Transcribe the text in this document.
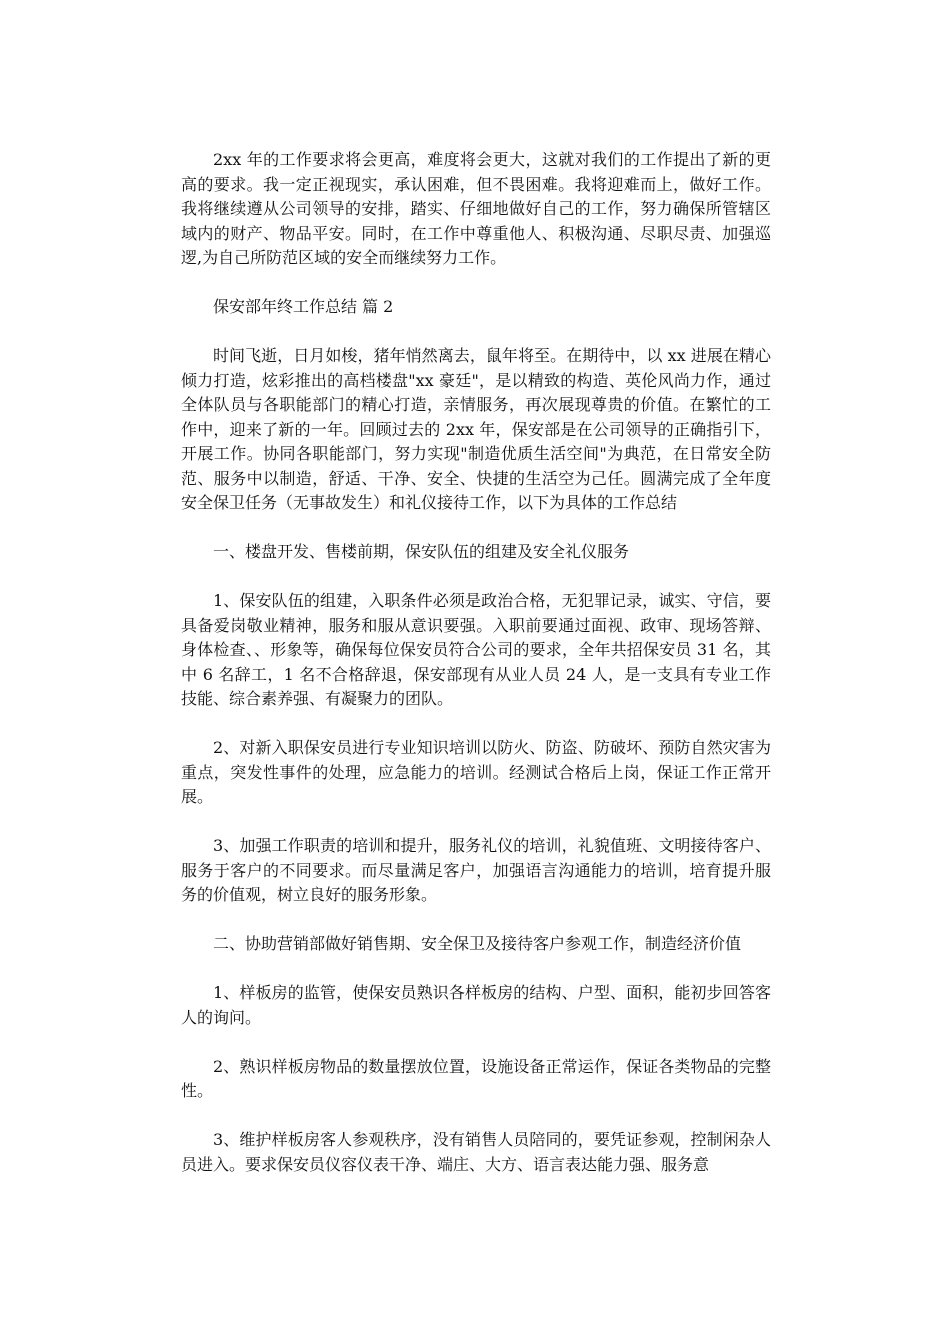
2xx 年的工作要求将会更高，难度将会更大，这就对我们的工作提出了新的更高的要求。我一定正视现实，承认困难，但不畏困难。我将迎难而上，做好工作。我将继续遵从公司领导的安排，踏实、仔细地做好自己的工作，努力确保所管辖区域内的财产、物品平安。同时，在工作中尊重他人、积极沟通、尽职尽责、加强巡逻,为自己所防范区域的安全而继续努力工作。

保安部年终工作总结 篇 2

时间飞逝，日月如梭，猪年悄然离去，鼠年将至。在期待中，以 xx 进展在精心倾力打造，炫彩推出的高档楼盘"xx 豪廷"，是以精致的构造、英伦风尚力作，通过全体队员与各职能部门的精心打造，亲情服务，再次展现尊贵的价值。在繁忙的工作中，迎来了新的一年。回顾过去的 2xx 年，保安部是在公司领导的正确指引下，开展工作。协同各职能部门，努力实现"制造优质生活空间"为典范，在日常安全防范、服务中以制造，舒适、干净、安全、快捷的生活空为己任。圆满完成了全年度安全保卫任务（无事故发生）和礼仪接待工作，以下为具体的工作总结

一、楼盘开发、售楼前期，保安队伍的组建及安全礼仪服务

1、保安队伍的组建，入职条件必须是政治合格，无犯罪记录，诚实、守信，要具备爱岗敬业精神，服务和服从意识要强。入职前要通过面视、政审、现场答辩、身体检查、、形象等，确保每位保安员符合公司的要求，全年共招保安员 31 名，其中 6 名辞工，1 名不合格辞退，保安部现有从业人员 24 人，是一支具有专业工作技能、综合素养强、有凝聚力的团队。

2、对新入职保安员进行专业知识培训以防火、防盗、防破坏、预防自然灾害为重点，突发性事件的处理，应急能力的培训。经测试合格后上岗，保证工作正常开展。

3、加强工作职责的培训和提升，服务礼仪的培训，礼貌值班、文明接待客户、服务于客户的不同要求。而尽量满足客户，加强语言沟通能力的培训，培育提升服务的价值观，树立良好的服务形象。

二、协助营销部做好销售期、安全保卫及接待客户参观工作，制造经济价值

1、样板房的监管，使保安员熟识各样板房的结构、户型、面积，能初步回答客人的询问。

2、熟识样板房物品的数量摆放位置，设施设备正常运作，保证各类物品的完整性。

3、维护样板房客人参观秩序，没有销售人员陪同的，要凭证参观，控制闲杂人员进入。要求保安员仪容仪表干净、端庄、大方、语言表达能力强、服务意
